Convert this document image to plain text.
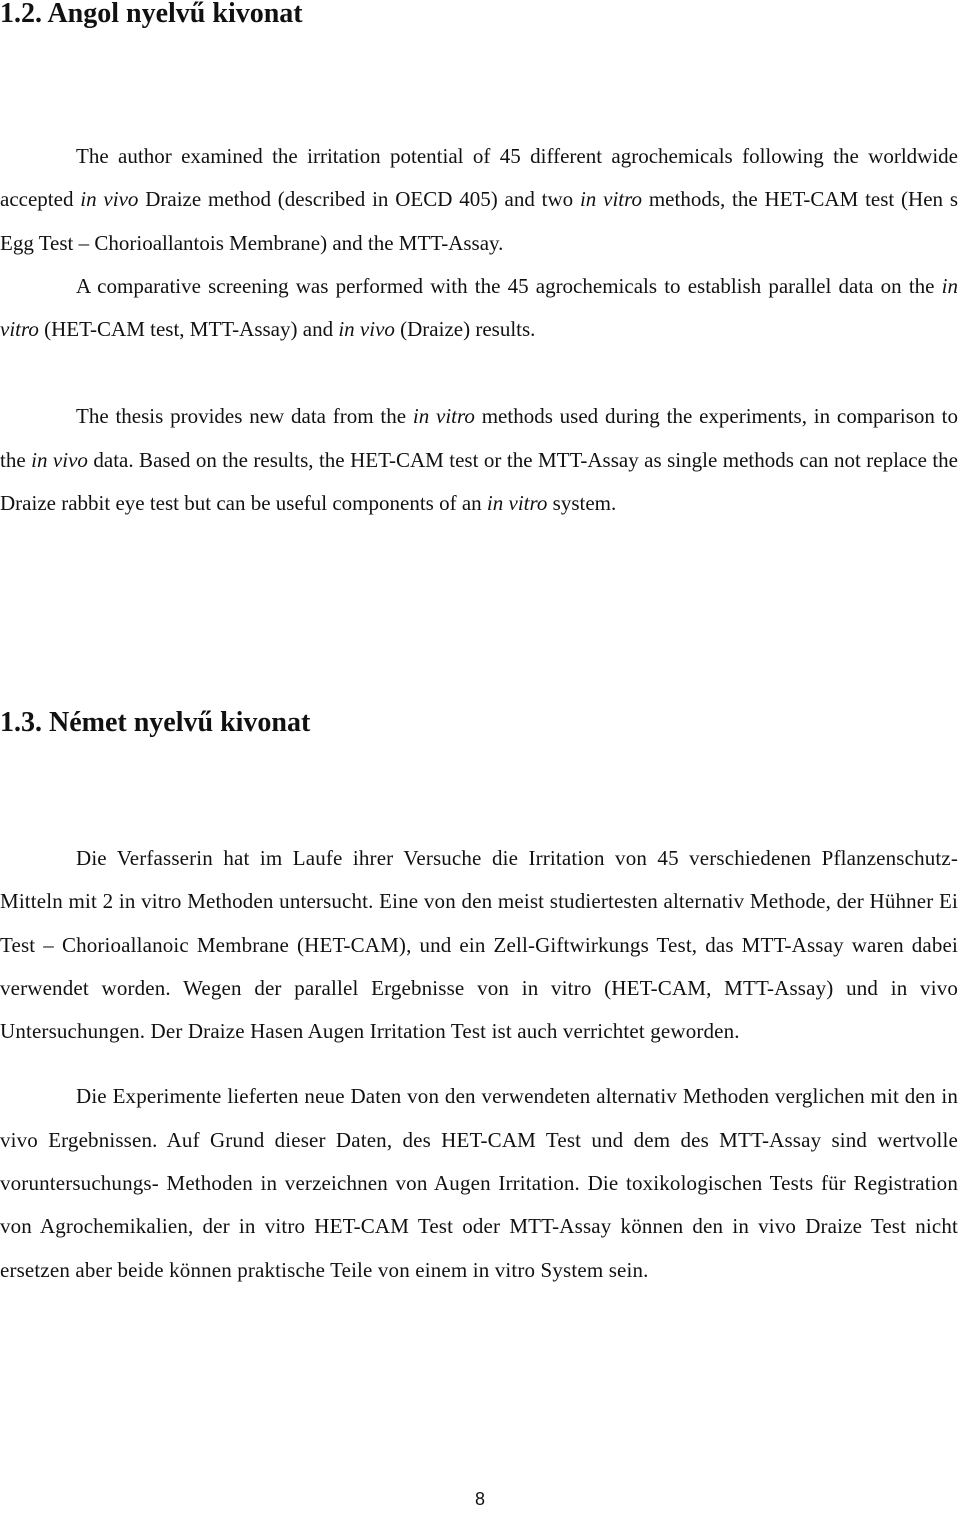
1.2. Angol nyelvű kivonat

The author examined the irritation potential of 45 different agrochemicals following the worldwide accepted in vivo Draize method (described in OECD 405) and two in vitro methods, the HET-CAM test (Hen s Egg Test – Chorioallantois Membrane) and the MTT-Assay.

A comparative screening was performed with the 45 agrochemicals to establish parallel data on the in vitro (HET-CAM test, MTT-Assay) and in vivo (Draize) results.

The thesis provides new data from the in vitro methods used during the experiments, in comparison to the in vivo data. Based on the results, the HET-CAM test or the MTT-Assay as single methods can not replace the Draize rabbit eye test but can be useful components of an in vitro system.

1.3. Német nyelvű kivonat

Die Verfasserin hat im Laufe ihrer Versuche die Irritation von 45 verschiedenen Pflanzenschutz-Mitteln mit 2 in vitro Methoden untersucht. Eine von den meist studiertesten alternativ Methode, der Hühner Ei Test – Chorioallanoic Membrane (HET-CAM), und ein Zell-Giftwirkungs Test, das MTT-Assay waren dabei verwendet worden. Wegen der parallel Ergebnisse von in vitro (HET-CAM, MTT-Assay) und in vivo Untersuchungen. Der Draize Hasen Augen Irritation Test ist auch verrichtet geworden.

Die Experimente lieferten neue Daten von den verwendeten alternativ Methoden verglichen mit den in vivo Ergebnissen. Auf Grund dieser Daten, des HET-CAM Test und dem des MTT-Assay sind wertvolle voruntersuchungs- Methoden in verzeichnen von Augen Irritation. Die toxikologischen Tests für Registration von Agrochemikalien, der in vitro HET-CAM Test oder MTT-Assay können den in vivo Draize Test nicht ersetzen aber beide können praktische Teile von einem in vitro System sein.

8
